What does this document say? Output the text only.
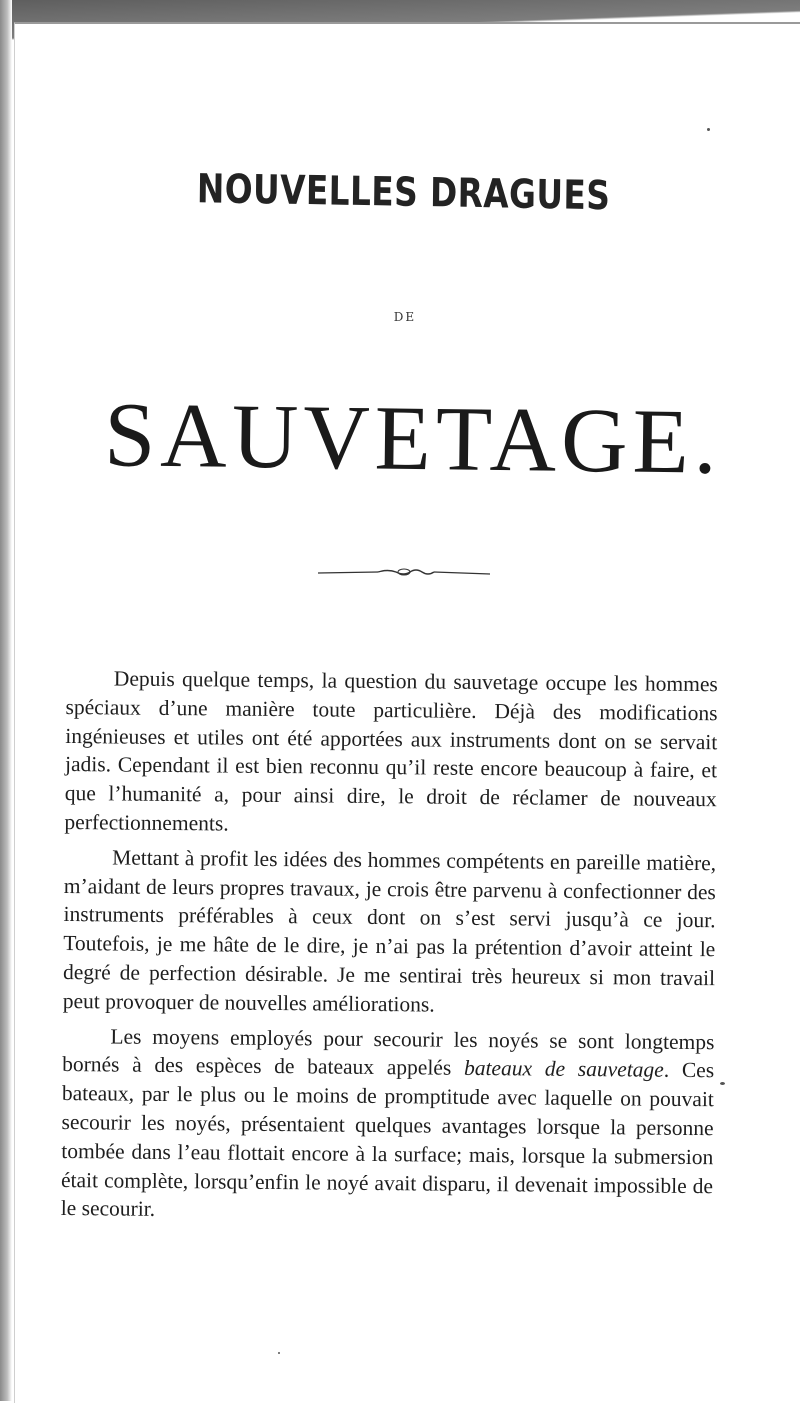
NOUVELLES DRAGUES
DE
SAUVETAGE.

Depuis quelque temps, la question du sauvetage occupe les hommes spéciaux d’une manière toute particulière. Déjà des modifications ingénieuses et utiles ont été apportées aux instruments dont on se servait jadis. Cependant il est bien reconnu qu’il reste encore beaucoup à faire, et que l’humanité a, pour ainsi dire, le droit de réclamer de nouveaux perfectionnements.

Mettant à profit les idées des hommes compétents en pareille matière, m’aidant de leurs propres travaux, je crois être parvenu à confectionner des instruments préférables à ceux dont on s’est servi jusqu’à ce jour. Toutefois, je me hâte de le dire, je n’ai pas la prétention d’avoir atteint le degré de perfection désirable. Je me sentirai très heureux si mon travail peut provoquer de nouvelles améliorations.

Les moyens employés pour secourir les noyés se sont longtemps bornés à des espèces de bateaux appelés bateaux de sauvetage. Ces bateaux, par le plus ou le moins de promptitude avec laquelle on pouvait secourir les noyés, présentaient quelques avantages lorsque la personne tombée dans l’eau flottait encore à la surface; mais, lorsque la submersion était complète, lorsqu’enfin le noyé avait disparu, il devenait impossible de le secourir.
